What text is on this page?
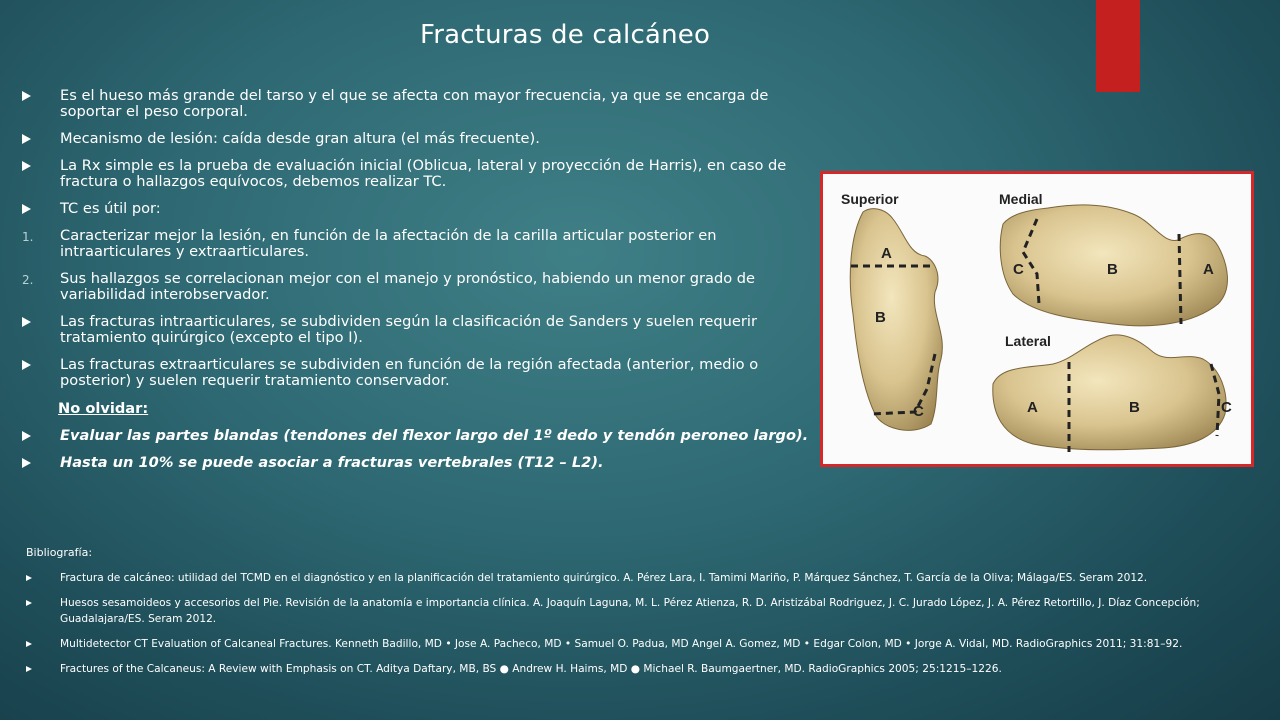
Fracturas de calcáneo
Es el hueso más grande del tarso y el que se afecta con mayor frecuencia, ya que se encarga de soportar el peso corporal.
Mecanismo de lesión: caída desde gran altura (el más frecuente).
La Rx simple es la prueba de evaluación inicial (Oblicua, lateral y proyección de Harris), en caso de fractura o hallazgos equívocos, debemos realizar TC.
TC es útil por:
1. Caracterizar mejor la lesión, en función de la afectación de la carilla articular posterior en intraarticulares y extraarticulares.
2. Sus hallazgos se correlacionan mejor con el manejo y pronóstico, habiendo un menor grado de variabilidad interobservador.
Las fracturas intraarticulares, se subdividen según la clasificación de Sanders y suelen requerir tratamiento quirúrgico (excepto el tipo I).
Las fracturas extraarticulares se subdividen en función de la región afectada (anterior, medio o posterior) y suelen requerir tratamiento conservador.
No olvidar:
Evaluar las partes blandas (tendones del flexor largo del 1º dedo y tendón peroneo largo).
Hasta un 10% se puede asociar a fracturas vertebrales (T12 – L2).
Superior	Medial
Lateral
A
B
C
C	B	A
A	B	C
Bibliografía:
Fractura de calcáneo: utilidad del TCMD en el diagnóstico y en la planificación del tratamiento quirúrgico. A. Pérez Lara, I. Tamimi Mariño, P. Márquez Sánchez, T. García de la Oliva; Málaga/ES. Seram 2012.
Huesos sesamoideos y accesorios del Pie. Revisión de la anatomía e importancia clínica. A. Joaquín Laguna, M. L. Pérez Atienza, R. D. Aristizábal Rodriguez, J. C. Jurado López, J. A. Pérez Retortillo, J. Díaz Concepción; Guadalajara/ES. Seram 2012.
Multidetector CT Evaluation of Calcaneal Fractures. Kenneth Badillo, MD • Jose A. Pacheco, MD • Samuel O. Padua, MD Angel A. Gomez, MD • Edgar Colon, MD • Jorge A. Vidal, MD. RadioGraphics 2011; 31:81–92.
Fractures of the Calcaneus: A Review with Emphasis on CT. Aditya Daftary, MB, BS ● Andrew H. Haims, MD ● Michael R. Baumgaertner, MD. RadioGraphics 2005; 25:1215–1226.
